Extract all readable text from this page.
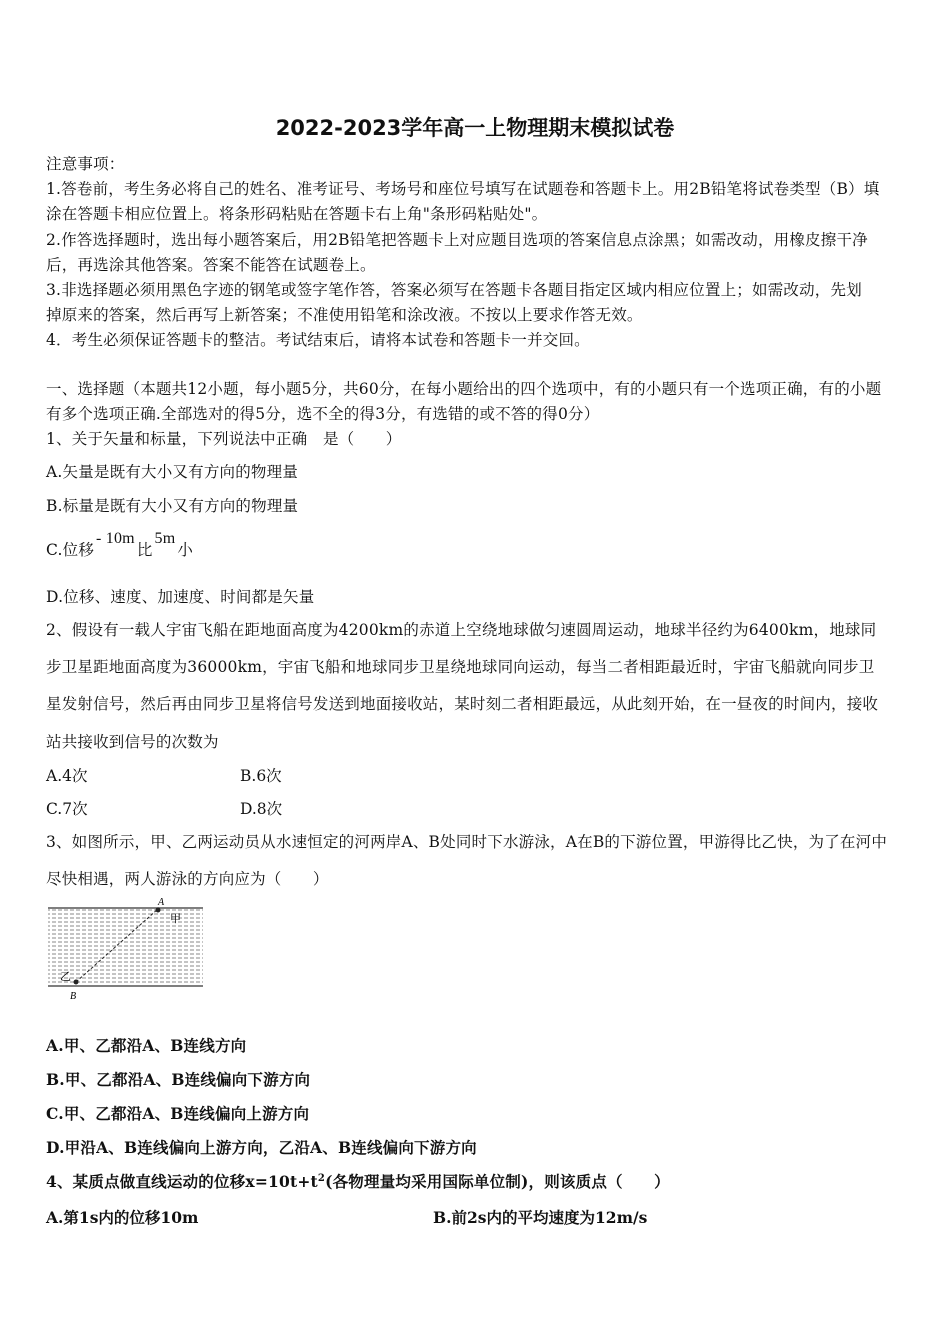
2022-2023学年高一上物理期末模拟试卷
注意事项：
1.答卷前，考生务必将自己的姓名、准考证号、考场号和座位号填写在试题卷和答题卡上。用2B铅笔将试卷类型（B）填
涂在答题卡相应位置上。将条形码粘贴在答题卡右上角"条形码粘贴处"。
2.作答选择题时，选出每小题答案后，用2B铅笔把答题卡上对应题目选项的答案信息点涂黑；如需改动，用橡皮擦干净
后，再选涂其他答案。答案不能答在试题卷上。
3.非选择题必须用黑色字迹的钢笔或签字笔作答，答案必须写在答题卡各题目指定区域内相应位置上；如需改动，先划
掉原来的答案，然后再写上新答案；不准使用铅笔和涂改液。不按以上要求作答无效。
4．考生必须保证答题卡的整洁。考试结束后，请将本试卷和答题卡一并交回。
一、选择题（本题共12小题，每小题5分，共60分，在每小题给出的四个选项中，有的小题只有一个选项正确，有的小题
有多个选项正确.全部选对的得5分，选不全的得3分，有选错的或不答的得0分）
1、关于矢量和标量，下列说法中正确　是（　　）
A.矢量是既有大小又有方向的物理量
B.标量是既有大小又有方向的物理量
C.位移- 10m比5m小
D.位移、速度、加速度、时间都是矢量
2、假设有一载人宇宙飞船在距地面高度为4200km的赤道上空绕地球做匀速圆周运动，地球半径约为6400km，地球同
步卫星距地面高度为36000km，宇宙飞船和地球同步卫星绕地球同向运动，每当二者相距最近时，宇宙飞船就向同步卫
星发射信号，然后再由同步卫星将信号发送到地面接收站，某时刻二者相距最远，从此刻开始，在一昼夜的时间内，接收
站共接收到信号的次数为
A.4次	B.6次
C.7次	D.8次
3、如图所示，甲、乙两运动员从水速恒定的河两岸A、B处同时下水游泳，A在B的下游位置，甲游得比乙快，为了在河中
尽快相遇，两人游泳的方向应为（　　）
A
甲
乙
B
A.甲、乙都沿A、B连线方向
B.甲、乙都沿A、B连线偏向下游方向
C.甲、乙都沿A、B连线偏向上游方向
D.甲沿A、B连线偏向上游方向，乙沿A、B连线偏向下游方向
4、某质点做直线运动的位移$x=10t+t^2$(各物理量均采用国际单位制)，则该质点（　　）
A.第1s内的位移10m	B.前2s内的平均速度为12m/s
